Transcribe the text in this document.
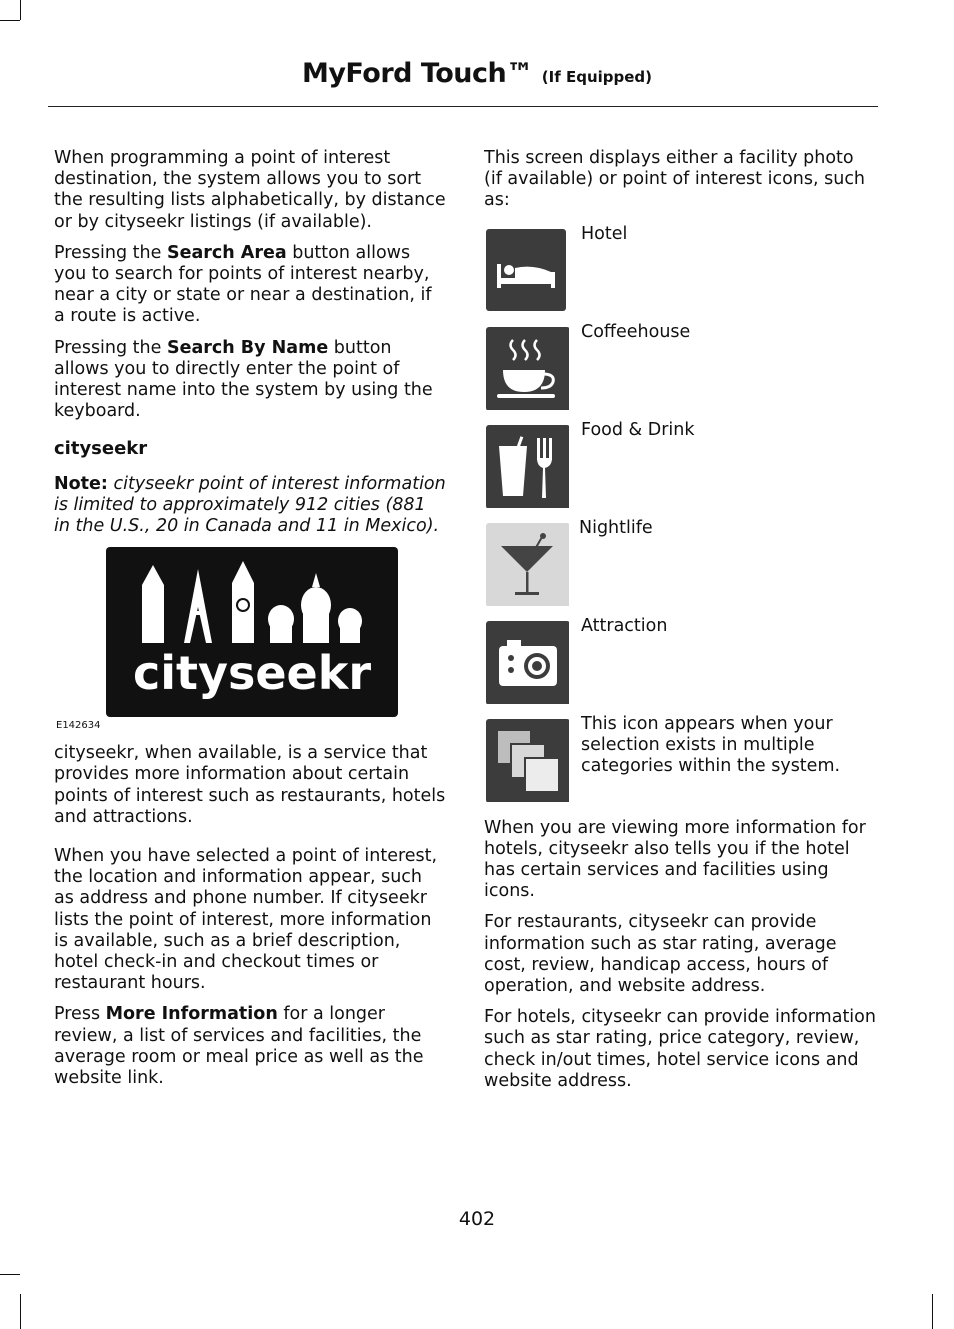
MyFord Touch™ (If Equipped)

When programming a point of interest destination, the system allows you to sort the resulting lists alphabetically, by distance or by cityseekr listings (if available).

Pressing the Search Area button allows you to search for points of interest nearby, near a city or state or near a destination, if a route is active.

Pressing the Search By Name button allows you to directly enter the point of interest name into the system by using the keyboard.

cityseekr

Note: cityseekr point of interest information is limited to approximately 912 cities (881 in the U.S., 20 in Canada and 11 in Mexico).

cityseekr
E142634

cityseekr, when available, is a service that provides more information about certain points of interest such as restaurants, hotels and attractions.

When you have selected a point of interest, the location and information appear, such as address and phone number. If cityseekr lists the point of interest, more information is available, such as a brief description, hotel check-in and checkout times or restaurant hours.

Press More Information for a longer review, a list of services and facilities, the average room or meal price as well as the website link.

This screen displays either a facility photo (if available) or point of interest icons, such as:

Hotel
Coffeehouse
Food & Drink
Nightlife
Attraction
This icon appears when your selection exists in multiple categories within the system.

When you are viewing more information for hotels, cityseekr also tells you if the hotel has certain services and facilities using icons.

For restaurants, cityseekr can provide information such as star rating, average cost, review, handicap access, hours of operation, and website address.

For hotels, cityseekr can provide information such as star rating, price category, review, check in/out times, hotel service icons and website address.

402
